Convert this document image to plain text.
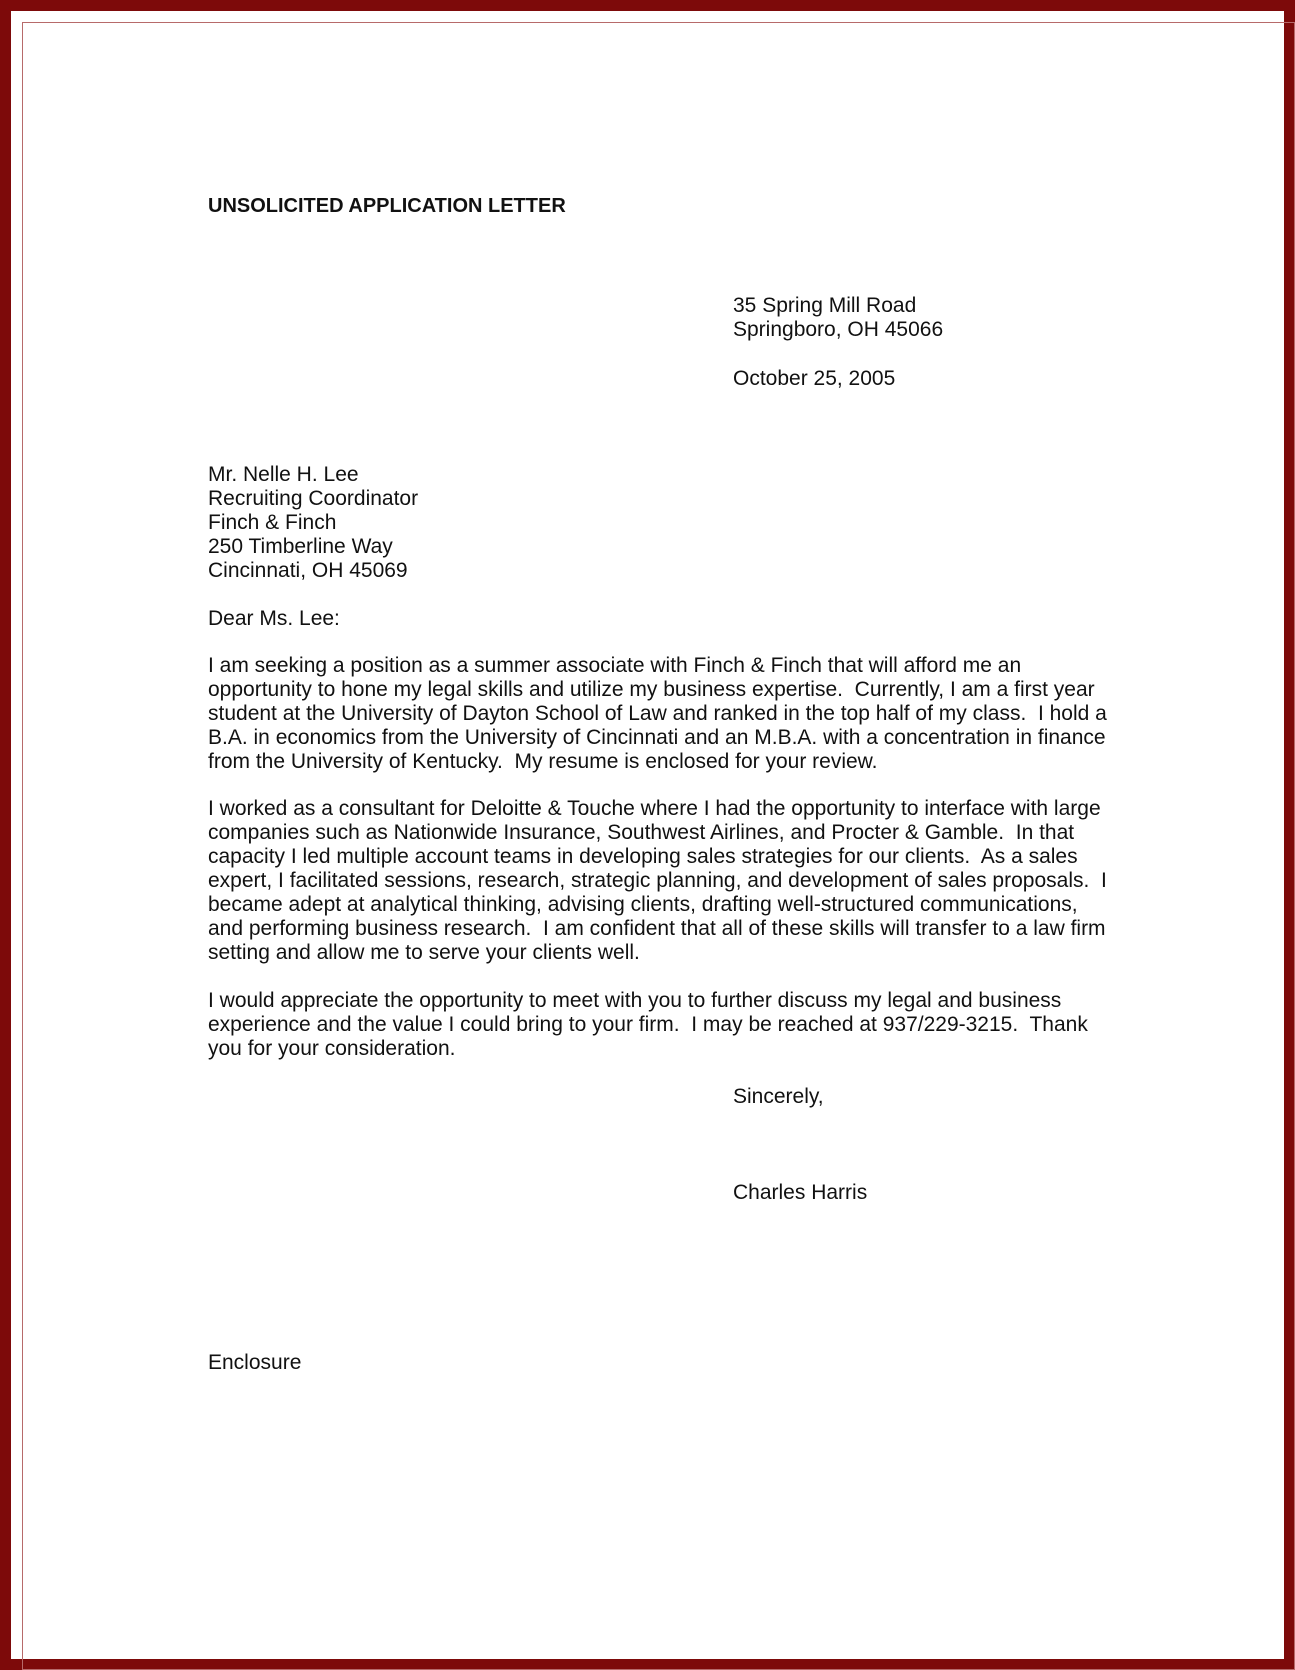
UNSOLICITED APPLICATION LETTER
35 Spring Mill Road
Springboro, OH 45066
October 25, 2005
Mr. Nelle H. Lee
Recruiting Coordinator
Finch & Finch
250 Timberline Way
Cincinnati, OH 45069
Dear Ms. Lee:
I am seeking a position as a summer associate with Finch & Finch that will afford me an
opportunity to hone my legal skills and utilize my business expertise.  Currently, I am a first year
student at the University of Dayton School of Law and ranked in the top half of my class.  I hold a
B.A. in economics from the University of Cincinnati and an M.B.A. with a concentration in finance
from the University of Kentucky.  My resume is enclosed for your review.
I worked as a consultant for Deloitte & Touche where I had the opportunity to interface with large
companies such as Nationwide Insurance, Southwest Airlines, and Procter & Gamble.  In that
capacity I led multiple account teams in developing sales strategies for our clients.  As a sales
expert, I facilitated sessions, research, strategic planning, and development of sales proposals.  I
became adept at analytical thinking, advising clients, drafting well-structured communications,
and performing business research.  I am confident that all of these skills will transfer to a law firm
setting and allow me to serve your clients well.
I would appreciate the opportunity to meet with you to further discuss my legal and business
experience and the value I could bring to your firm.  I may be reached at 937/229-3215.  Thank
you for your consideration.
Sincerely,
Charles Harris
Enclosure
